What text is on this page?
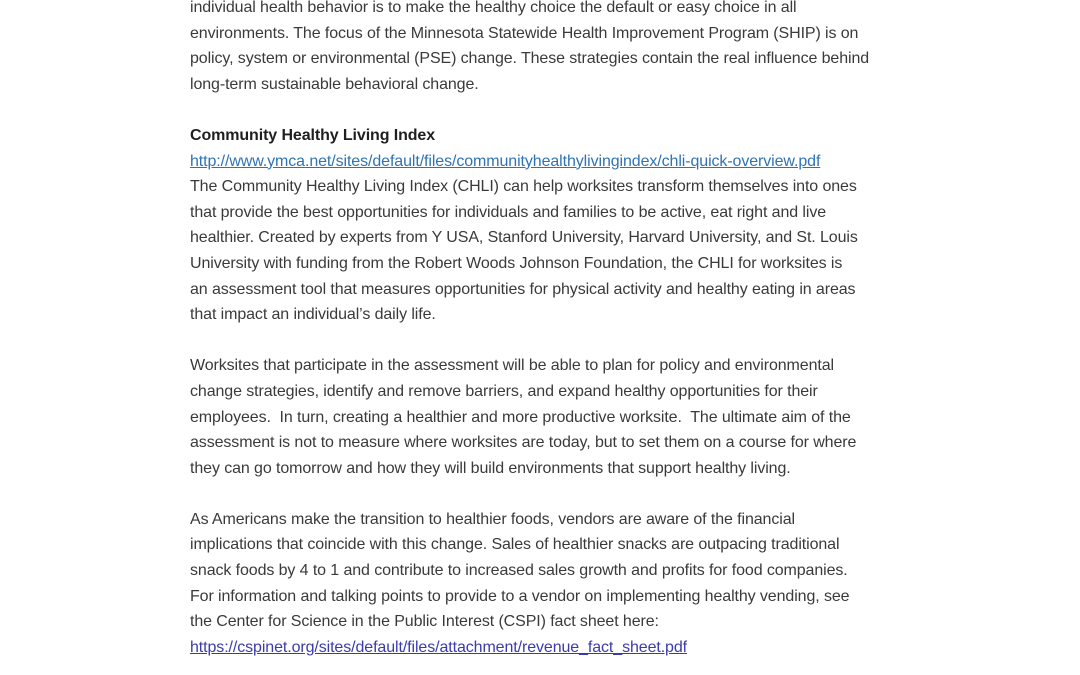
individual health behavior is to make the healthy choice the default or easy choice in all
environments. The focus of the Minnesota Statewide Health Improvement Program (SHIP) is on
policy, system or environmental (PSE) change. These strategies contain the real influence behind
long-term sustainable behavioral change.
Community Healthy Living Index
http://www.ymca.net/sites/default/files/communityhealthylivingindex/chli-quick-overview.pdf
The Community Healthy Living Index (CHLI) can help worksites transform themselves into ones
that provide the best opportunities for individuals and families to be active, eat right and live
healthier. Created by experts from Y USA, Stanford University, Harvard University, and St. Louis
University with funding from the Robert Woods Johnson Foundation, the CHLI for worksites is
an assessment tool that measures opportunities for physical activity and healthy eating in areas
that impact an individual’s daily life.
Worksites that participate in the assessment will be able to plan for policy and environmental
change strategies, identify and remove barriers, and expand healthy opportunities for their
employees.  In turn, creating a healthier and more productive worksite.  The ultimate aim of the
assessment is not to measure where worksites are today, but to set them on a course for where
they can go tomorrow and how they will build environments that support healthy living.
As Americans make the transition to healthier foods, vendors are aware of the financial
implications that coincide with this change. Sales of healthier snacks are outpacing traditional
snack foods by 4 to 1 and contribute to increased sales growth and profits for food companies.
For information and talking points to provide to a vendor on implementing healthy vending, see
the Center for Science in the Public Interest (CSPI) fact sheet here:
https://cspinet.org/sites/default/files/attachment/revenue_fact_sheet.pdf
